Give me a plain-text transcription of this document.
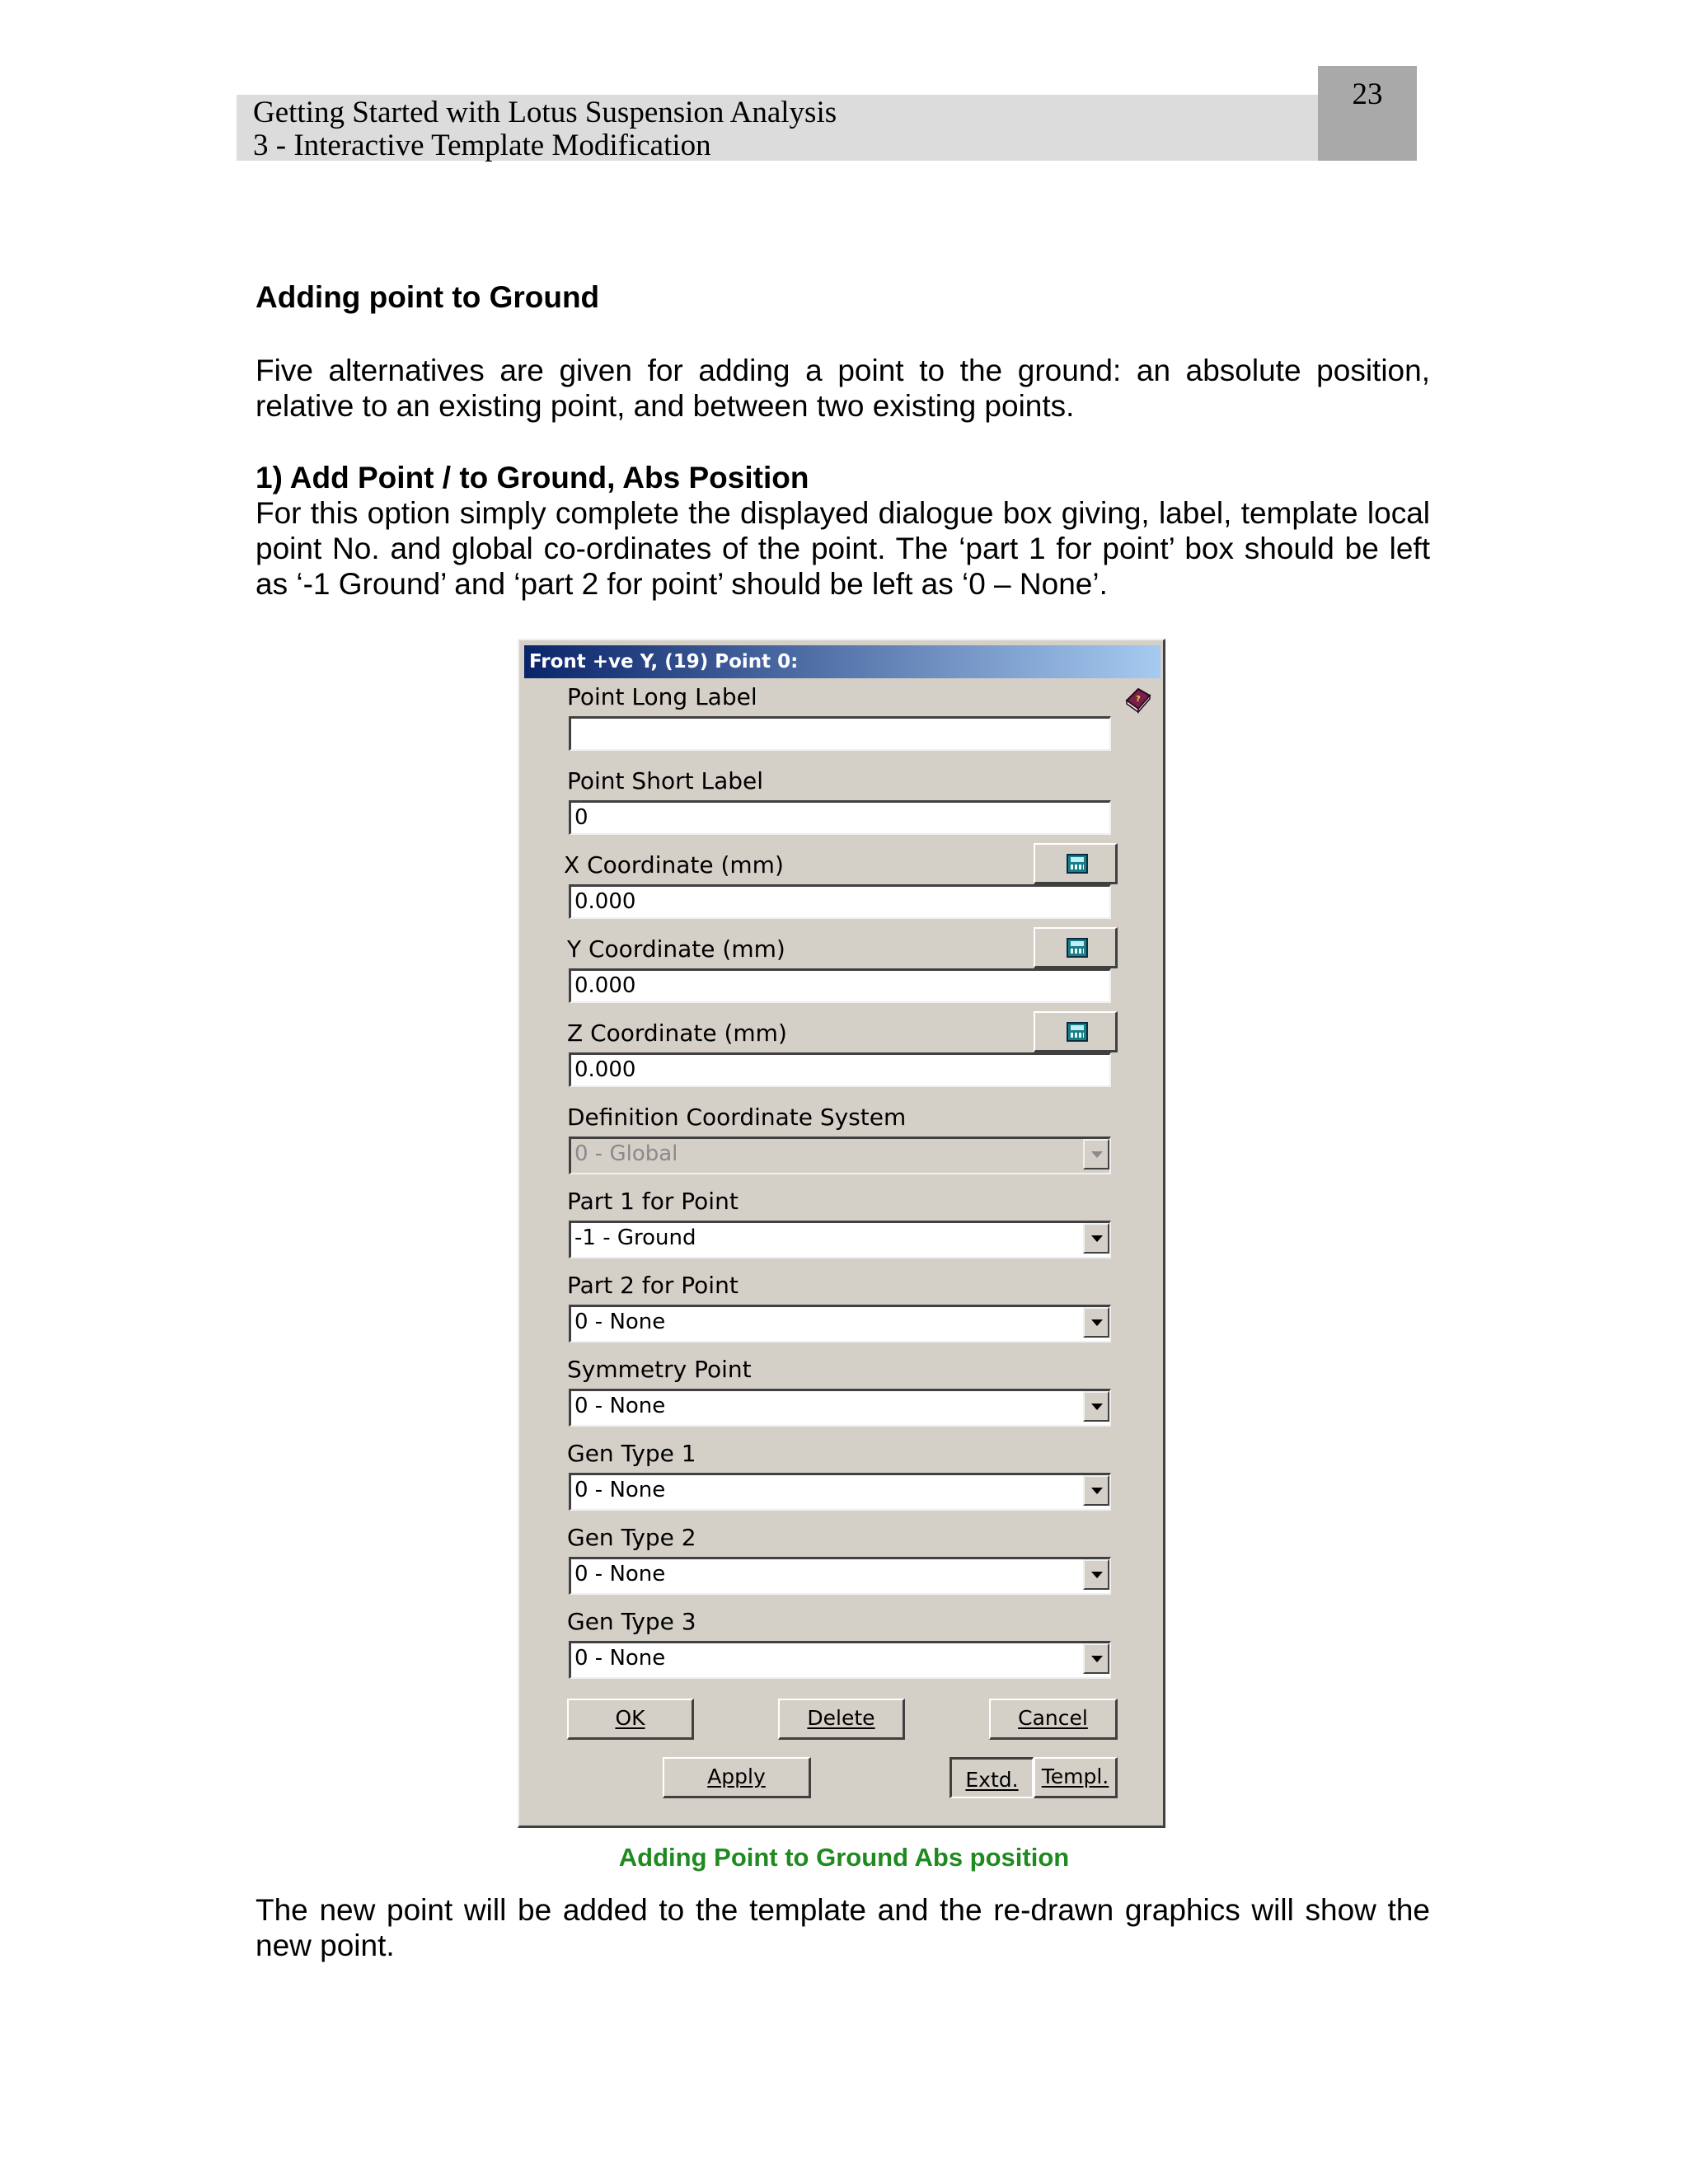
Getting Started with Lotus Suspension Analysis
3 - Interactive Template Modification
23
Adding point to Ground
Five alternatives are given for adding a point to the ground: an absolute position, relative to an existing point, and between two existing points.
1) Add Point / to Ground, Abs Position
For this option simply complete the displayed dialogue box giving, label, template local point No. and global co-ordinates of the point. The ‘part 1 for point’ box should be left as ‘-1 Ground’ and ‘part 2 for point’ should be left as ‘0 – None’.
Front +ve Y, (19) Point 0:
?
Point Long Label
Point Short Label
0
X Coordinate (mm)
0.000
Y Coordinate (mm)
0.000
Z Coordinate (mm)
0.000
Definition Coordinate System
0 - Global
Part 1 for Point
-1 - Ground
Part 2 for Point
0 - None
Symmetry Point
0 - None
Gen Type 1
0 - None
Gen Type 2
0 - None
Gen Type 3
0 - None
OK	Delete	Cancel
Apply	Extd.	Templ.
Adding Point to Ground Abs position
The new point will be added to the template and the re-drawn graphics will show the new point.
